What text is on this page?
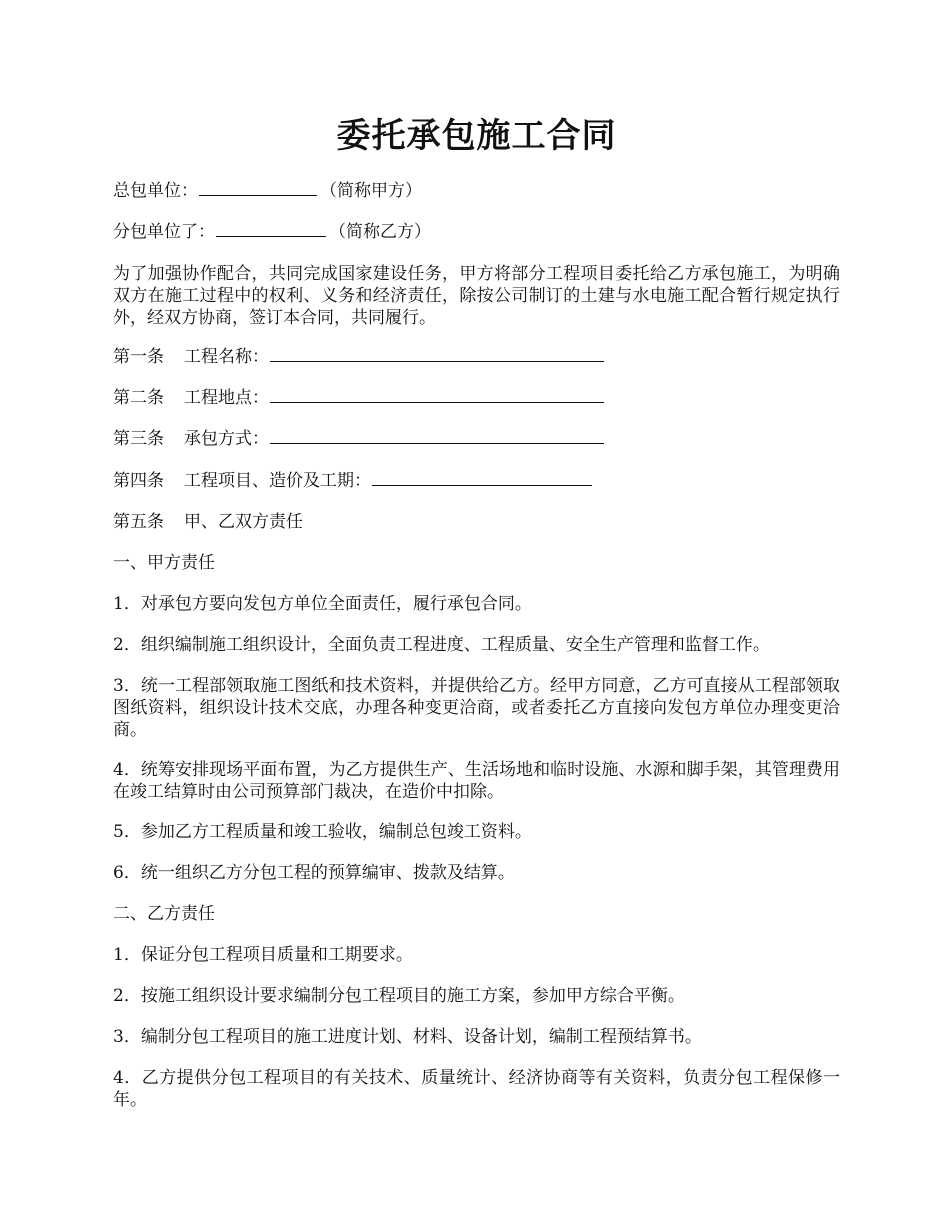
委托承包施工合同

总包单位：	（简称甲方）

分包单位了：	（简称乙方）

为了加强协作配合，共同完成国家建设任务，甲方将部分工程项目委托给乙方承包施工，为明确双方在施工过程中的权利、义务和经济责任，除按公司制订的土建与水电施工配合暂行规定执行外，经双方协商，签订本合同，共同履行。

第一条 工程名称：

第二条 工程地点：

第三条 承包方式：

第四条 工程项目、造价及工期：

第五条 甲、乙双方责任

一、甲方责任

1．对承包方要向发包方单位全面责任，履行承包合同。

2．组织编制施工组织设计，全面负责工程进度、工程质量、安全生产管理和监督工作。

3．统一工程部领取施工图纸和技术资料，并提供给乙方。经甲方同意，乙方可直接从工程部领取图纸资料，组织设计技术交底，办理各种变更洽商，或者委托乙方直接向发包方单位办理变更洽商。

4．统筹安排现场平面布置，为乙方提供生产、生活场地和临时设施、水源和脚手架，其管理费用在竣工结算时由公司预算部门裁决，在造价中扣除。

5．参加乙方工程质量和竣工验收，编制总包竣工资料。

6．统一组织乙方分包工程的预算编审、拨款及结算。

二、乙方责任

1．保证分包工程项目质量和工期要求。

2．按施工组织设计要求编制分包工程项目的施工方案，参加甲方综合平衡。

3．编制分包工程项目的施工进度计划、材料、设备计划，编制工程预结算书。

4．乙方提供分包工程项目的有关技术、质量统计、经济协商等有关资料，负责分包工程保修一年。
